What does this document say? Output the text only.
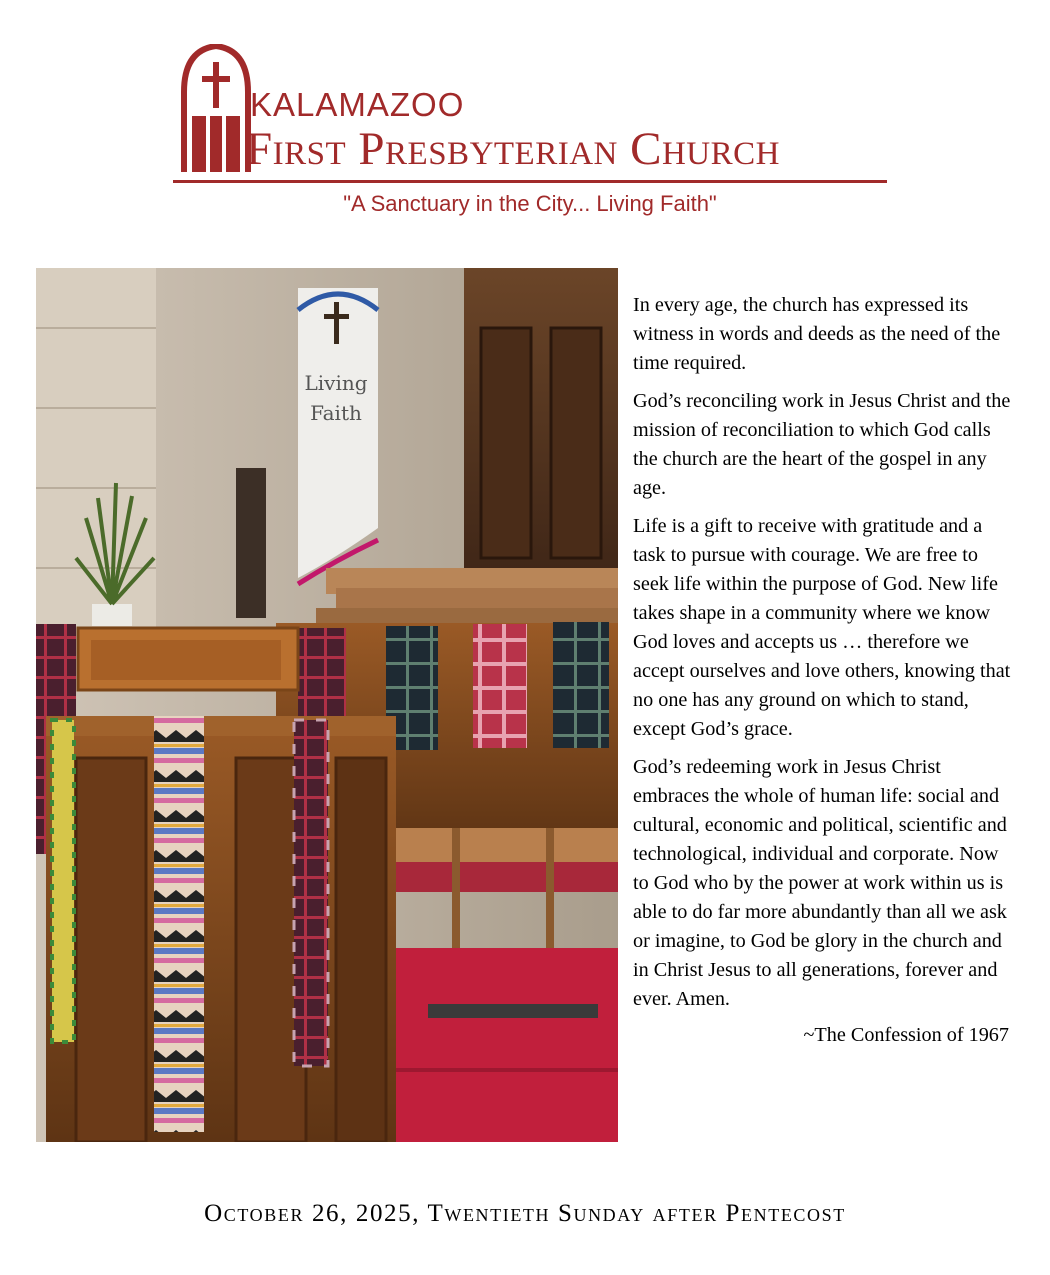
KALAMAZOO
First Presbyterian Church
"A Sanctuary in the City... Living Faith"
Living
Faith

In every age, the church has expressed its witness in words and deeds as the need of the time required.

God’s reconciling work in Jesus Christ and the mission of reconciliation to which God calls the church are the heart of the gospel in any age.

Life is a gift to receive with gratitude and a task to pursue with courage. We are free to seek life within the purpose of God. New life takes shape in a community where we know God loves and accepts us … therefore we accept ourselves and love others, knowing that no one has any ground on which to stand, except God’s grace.

God’s redeeming work in Jesus Christ embraces the whole of human life: social and cultural, economic and political, scientific and technological, individual and corporate. Now to God who by the power at work within us is able to do far more abundantly than all we ask or imagine, to God be glory in the church and in Christ Jesus to all generations, forever and ever. Amen.

~The Confession of 1967
October 26, 2025, Twentieth Sunday after Pentecost
